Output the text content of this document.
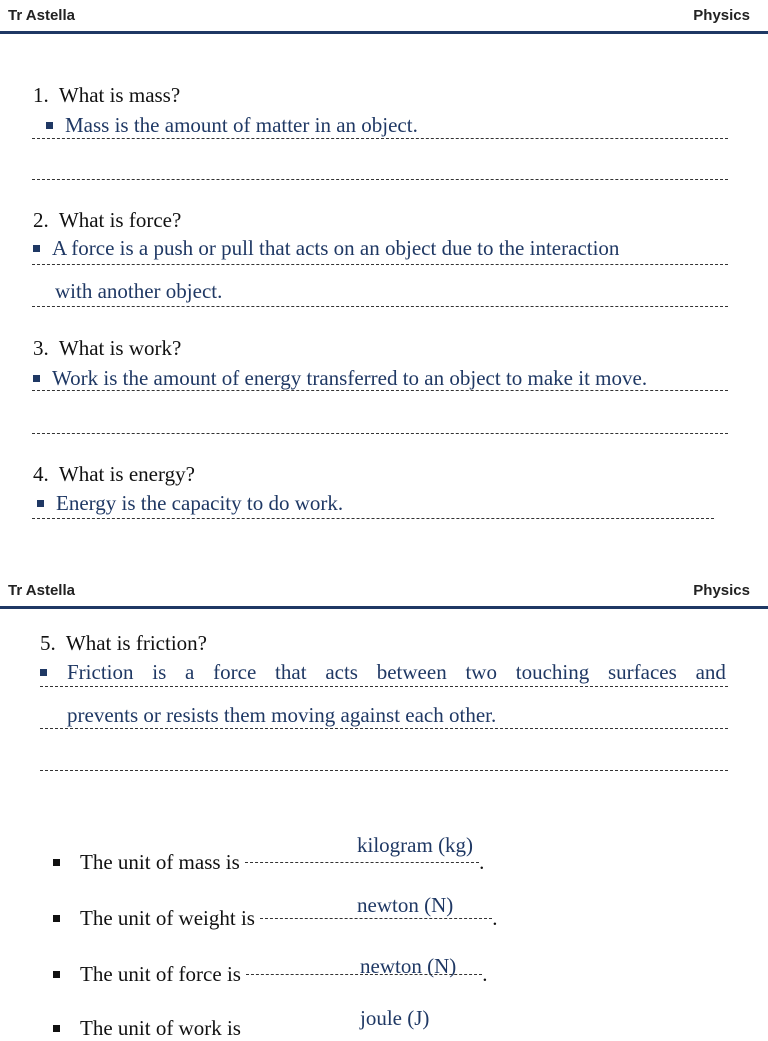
Tr Astella	Physics
1. What is mass?
Mass is the amount of matter in an object.
2. What is force?
A force is a push or pull that acts on an object due to the interaction
with another object.
3. What is work?
Work is the amount of energy transferred to an object to make it move.
4. What is energy?
Energy is the capacity to do work.
Tr Astella	Physics
5. What is friction?
Friction is a force that acts between two touching surfaces and
prevents or resists them moving against each other.
kilogram (kg)
The unit of mass is	.
newton (N)
The unit of weight is	.
newton (N)
The unit of force is	.
joule (J)
The unit of work is
